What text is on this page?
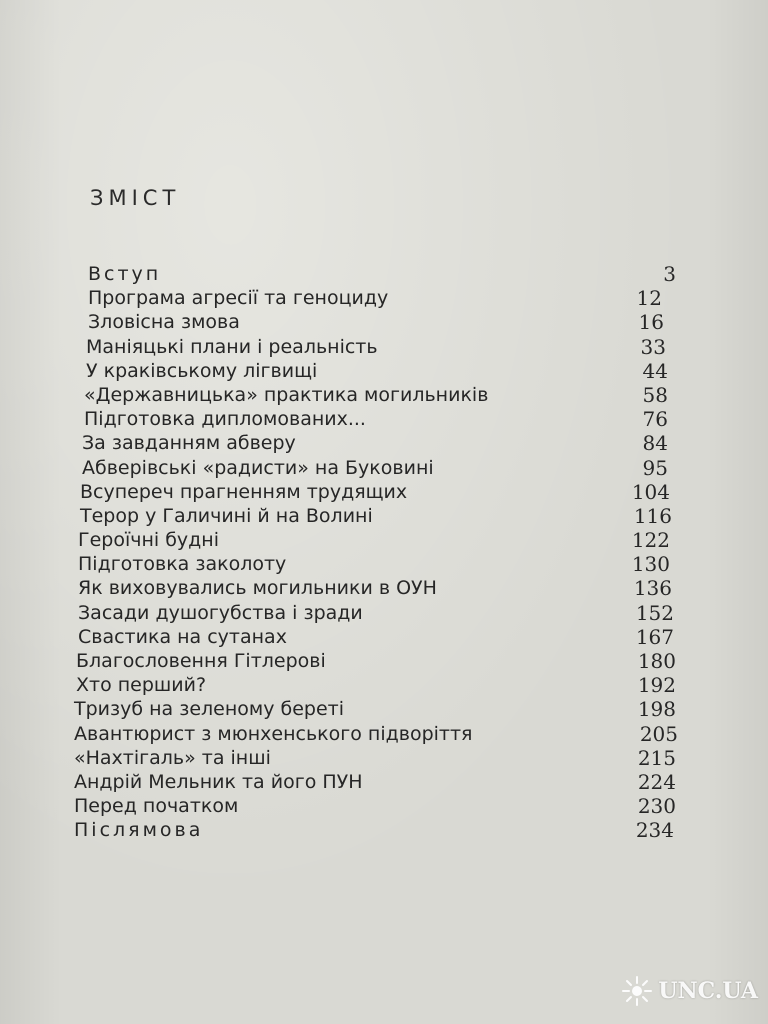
ЗМІСТ
Вступ	3
Програма агресії та геноциду	12
Зловісна змова	16
Маніяцькі плани і реальність	33
У краківському лігвищі	44
«Державницька» практика могильників	58
Підготовка дипломованих...	76
За завданням абверу	84
Абверівські «радисти» на Буковині	95
Всупереч прагненням трудящих	104
Терор у Галичині й на Волині	116
Героїчні будні	122
Підготовка заколоту	130
Як виховувались могильники в ОУН	136
Засади душогубства і зради	152
Свастика на сутанах	167
Благословення Гітлерові	180
Хто перший?	192
Тризуб на зеленому береті	198
Авантюрист з мюнхенського підворіття	205
«Нахтігаль» та інші	215
Андрій Мельник та його ПУН	224
Перед початком	230
Післямова	234
UNC.UA
